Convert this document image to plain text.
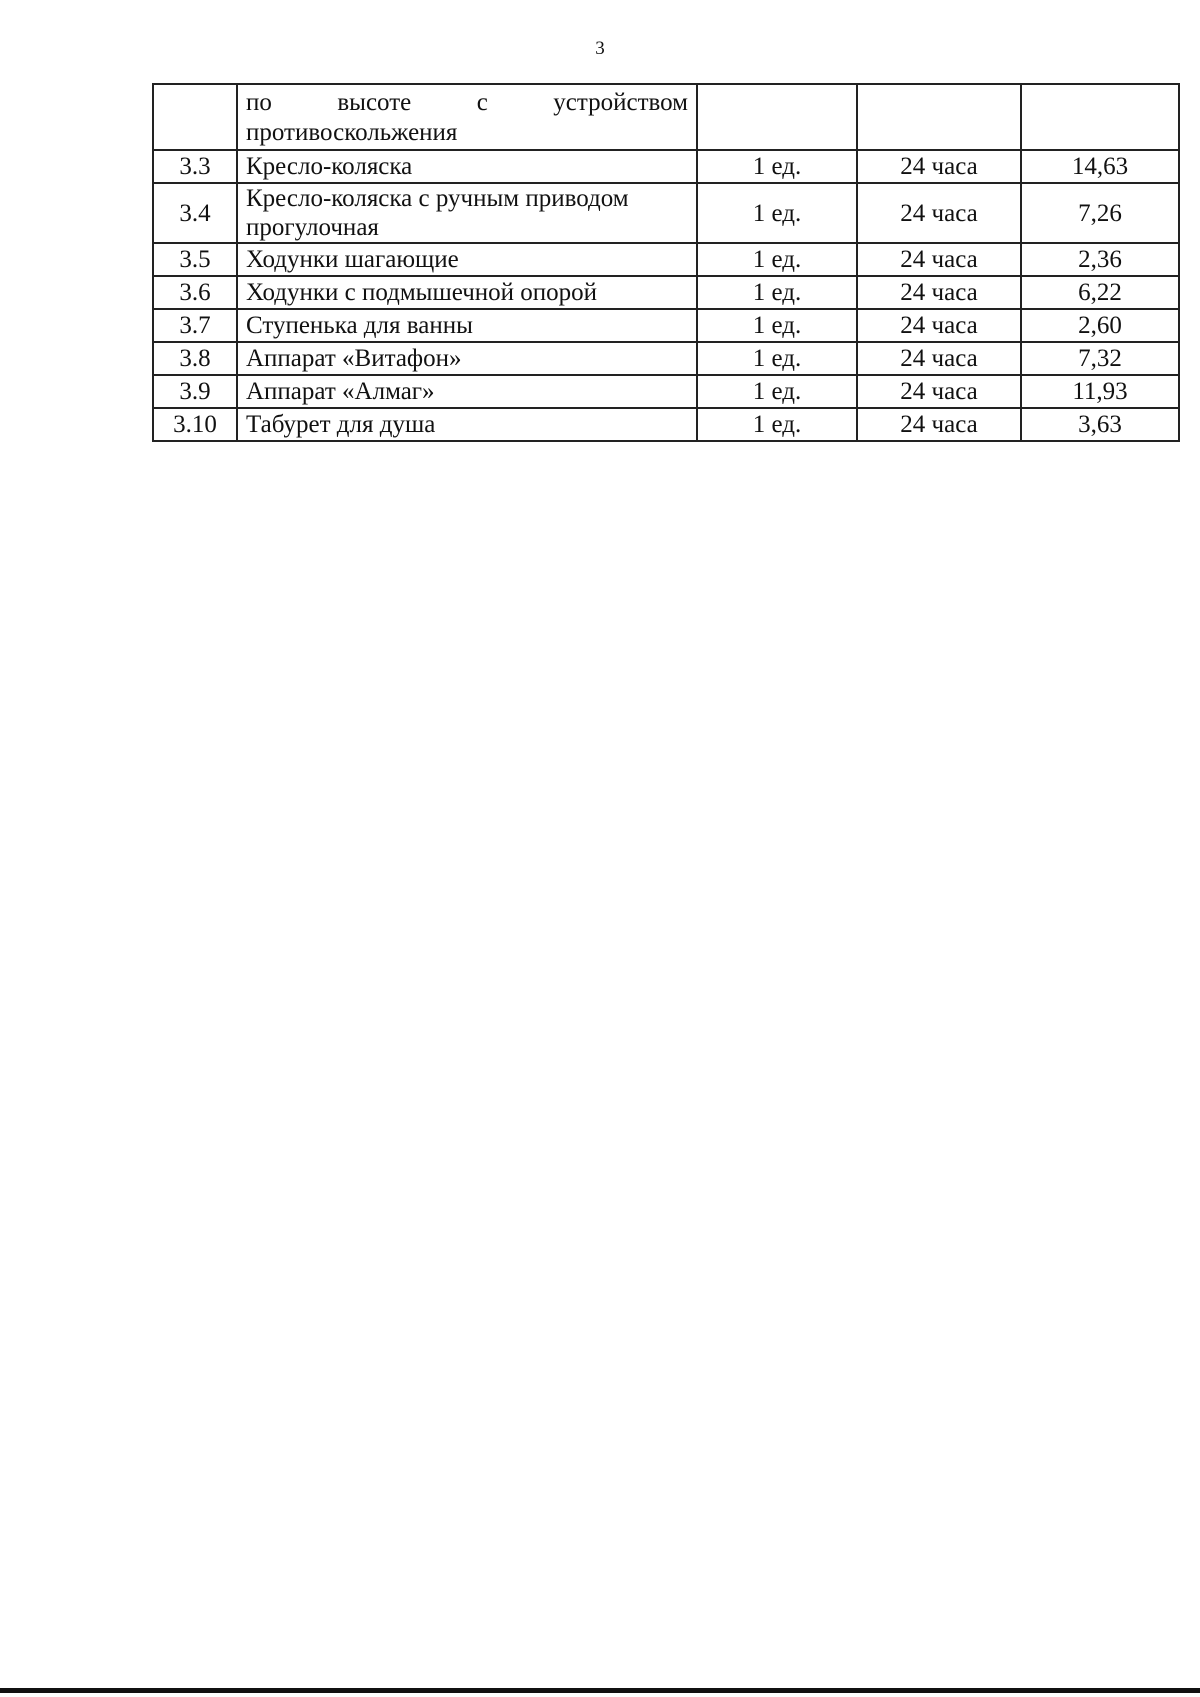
3

	по высоте с устройством
противоскольжения			
3.3	Кресло-коляска	1 ед.	24 часа	14,63
3.4	Кресло-коляска с ручным приводом прогулочная	1 ед.	24 часа	7,26
3.5	Ходунки шагающие	1 ед.	24 часа	2,36
3.6	Ходунки с подмышечной опорой	1 ед.	24 часа	6,22
3.7	Ступенька для ванны	1 ед.	24 часа	2,60
3.8	Аппарат «Витафон»	1 ед.	24 часа	7,32
3.9	Аппарат «Алмаг»	1 ед.	24 часа	11,93
3.10	Табурет для душа	1 ед.	24 часа	3,63
